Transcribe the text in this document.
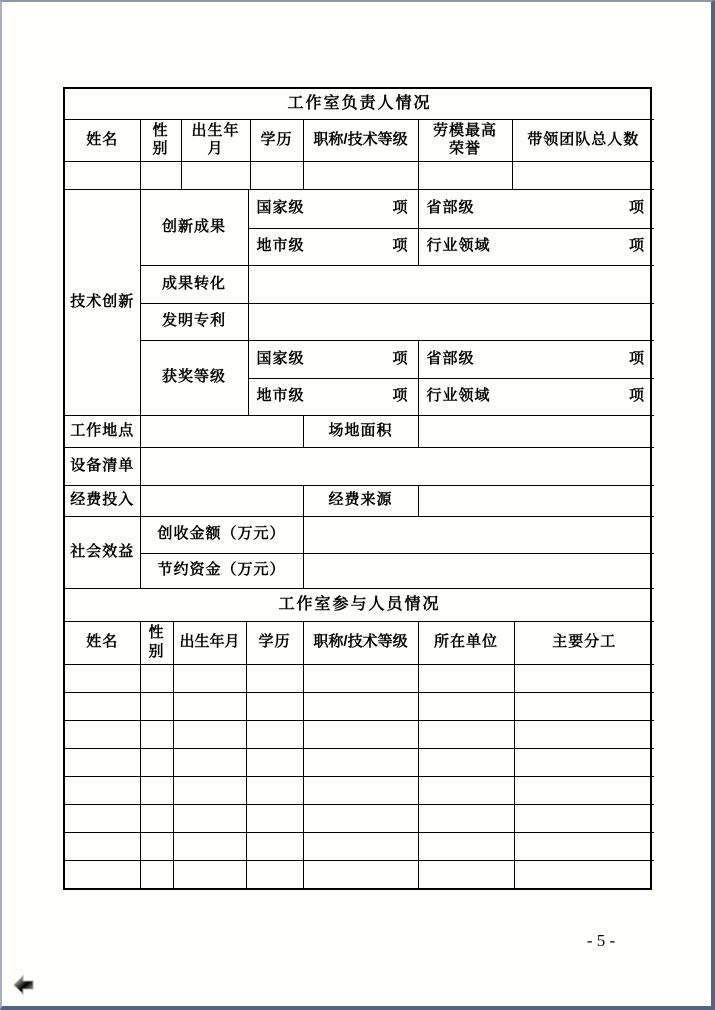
工作室负责人情况						
姓名	性别	出生年月	学历	职称/技术等级	劳模最高荣誉	带领团队总人数

技术创新	创新成果	国家级 项		省部级 项

		地市级 项		行业领域 项

	成果转化			
	发明专利			
	获奖等级	国家级 项		省部级 项

		地市级 项		行业领域 项

工作地点			场地面积	
设备清单				
经费投入			经费来源	
社会效益	创收金额（万元）			
	节约资金（万元）			
工作室参与人员情况						
姓名	性别	出生年月	学历	职称/技术等级	所在单位	主要分工

- 5 -
